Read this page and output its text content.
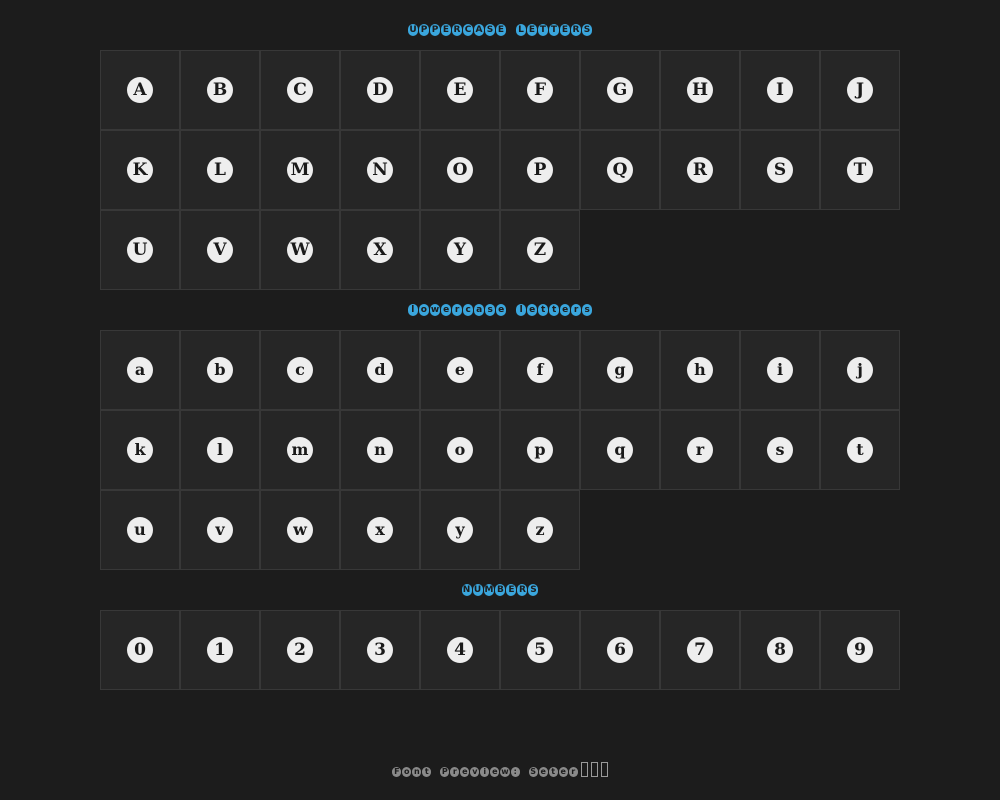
U P P E R C A S E L E T T E R S
A	B	C	D	E	F	G	H	I	J
K	L	M	N	O	P	Q	R	S	T
U	V	W	X	Y	Z
l o w e r c a s e	l e t t e r s
a	b	c	d	e	f	g	h	i	j
k	l	m	n	o	p	q	r	s	t
u	v	w	x	y	z
N U M B E R S
0	1	2	3	4	5	6	7	8	9
F o n t	P r e v i e w :	S e t e r
